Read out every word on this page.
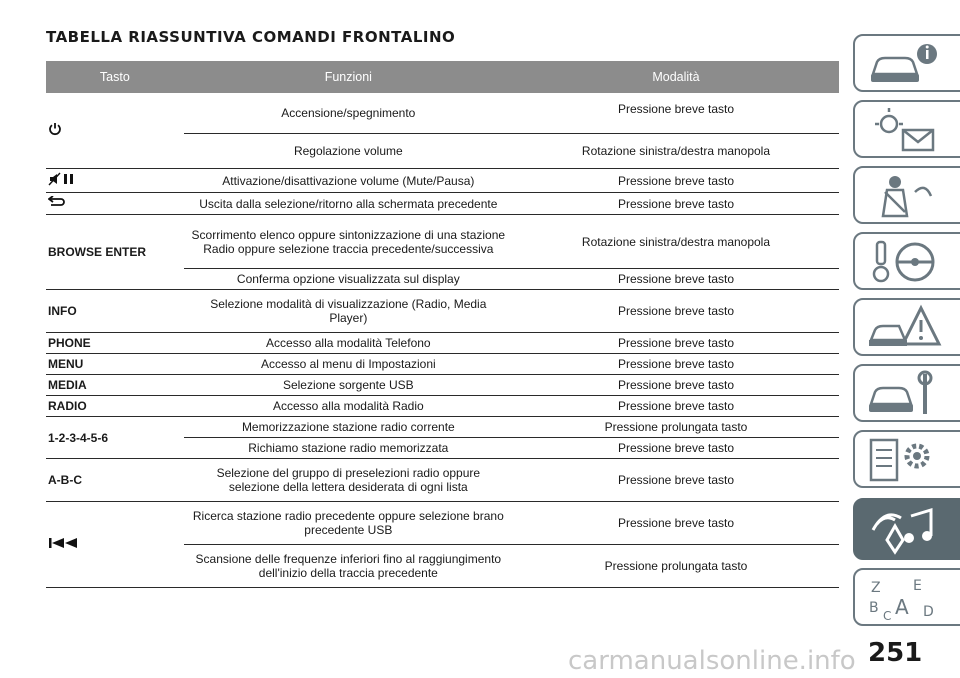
TABELLA RIASSUNTIVA COMANDI FRONTALINO
Tasto		Funzioni		Modalità
	Accensione/spegnimento	Pressione breve tasto
	Regolazione volume	Rotazione sinistra/destra manopola
	Attivazione/disattivazione volume (Mute/Pausa)	Pressione breve tasto
	Uscita dalla selezione/ritorno alla schermata precedente	Pressione breve tasto
BROWSE ENTER	Scorrimento elenco oppure sintonizzazione di una stazione Radio oppure selezione traccia precedente/successiva	Rotazione sinistra/destra manopola
	Conferma opzione visualizzata sul display	Pressione breve tasto
INFO	Selezione modalità di visualizzazione (Radio, Media Player)	Pressione breve tasto
PHONE	Accesso alla modalità Telefono	Pressione breve tasto
MENU	Accesso al menu di Impostazioni	Pressione breve tasto
MEDIA	Selezione sorgente USB	Pressione breve tasto
RADIO	Accesso alla modalità Radio	Pressione breve tasto
1-2-3-4-5-6	Memorizzazione stazione radio corrente	Pressione prolungata tasto
	Richiamo stazione radio memorizzata	Pressione breve tasto
A-B-C	Selezione del gruppo di preselezioni radio oppure selezione della lettera desiderata di ogni lista	Pressione breve tasto
	Ricerca stazione radio precedente oppure selezione brano precedente USB	Pressione breve tasto
	Scansione delle frequenze inferiori fino al raggiungimento dell'inizio della traccia precedente	Pressione prolungata tasto
Z E
B A D
C
carmanualsonline.info 251
